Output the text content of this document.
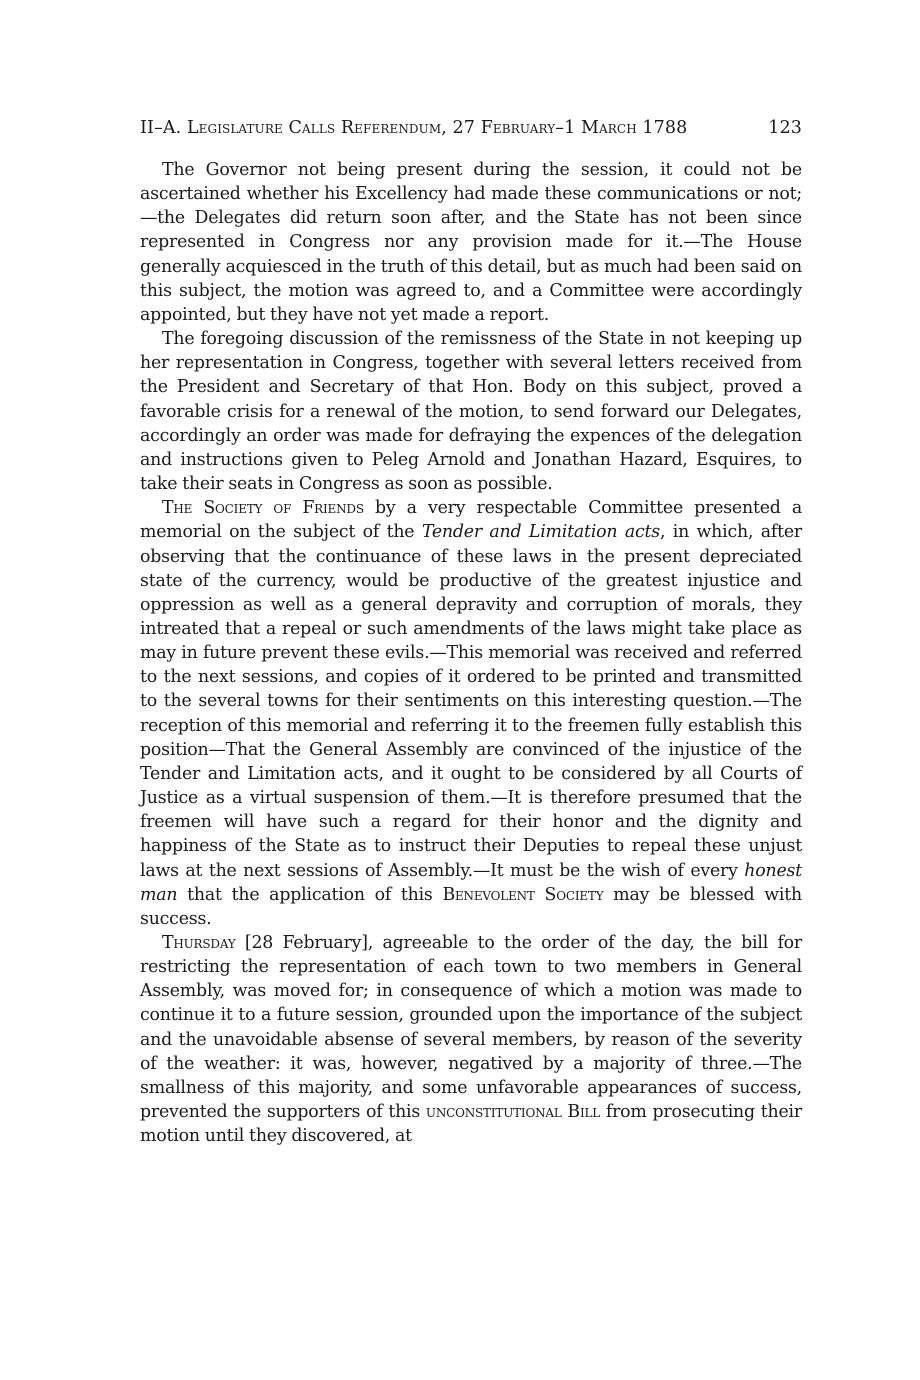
II–A. Legislature Calls Referendum, 27 February–1 March 1788	123

The Governor not being present during the session, it could not be ascertained whether his Excellency had made these communications or not;—the Delegates did return soon after, and the State has not been since represented in Congress nor any provision made for it.—The House generally acquiesced in the truth of this detail, but as much had been said on this subject, the motion was agreed to, and a Committee were accordingly appointed, but they have not yet made a report.

The foregoing discussion of the remissness of the State in not keeping up her representation in Congress, together with several letters received from the President and Secretary of that Hon. Body on this subject, proved a favorable crisis for a renewal of the motion, to send forward our Delegates, accordingly an order was made for defraying the expences of the delegation and instructions given to Peleg Arnold and Jonathan Hazard, Esquires, to take their seats in Congress as soon as possible.

The Society of Friends by a very respectable Committee presented a memorial on the subject of the Tender and Limitation acts, in which, after observing that the continuance of these laws in the present depreciated state of the currency, would be productive of the greatest injustice and oppression as well as a general depravity and corruption of morals, they intreated that a repeal or such amendments of the laws might take place as may in future prevent these evils.—This memorial was received and referred to the next sessions, and copies of it ordered to be printed and transmitted to the several towns for their sentiments on this interesting question.—The reception of this memorial and referring it to the freemen fully establish this position—That the General Assembly are convinced of the injustice of the Tender and Limitation acts, and it ought to be considered by all Courts of Justice as a virtual suspension of them.—It is therefore presumed that the freemen will have such a regard for their honor and the dignity and happiness of the State as to instruct their Deputies to repeal these unjust laws at the next sessions of Assembly.—It must be the wish of every honest man that the application of this Benevolent Society may be blessed with success.

Thursday [28 February], agreeable to the order of the day, the bill for restricting the representation of each town to two members in General Assembly, was moved for; in consequence of which a motion was made to continue it to a future session, grounded upon the importance of the subject and the unavoidable absense of several members, by reason of the severity of the weather: it was, however, negatived by a majority of three.—The smallness of this majority, and some unfavorable appearances of success, prevented the supporters of this unconstitutional Bill from prosecuting their motion until they discovered, at
